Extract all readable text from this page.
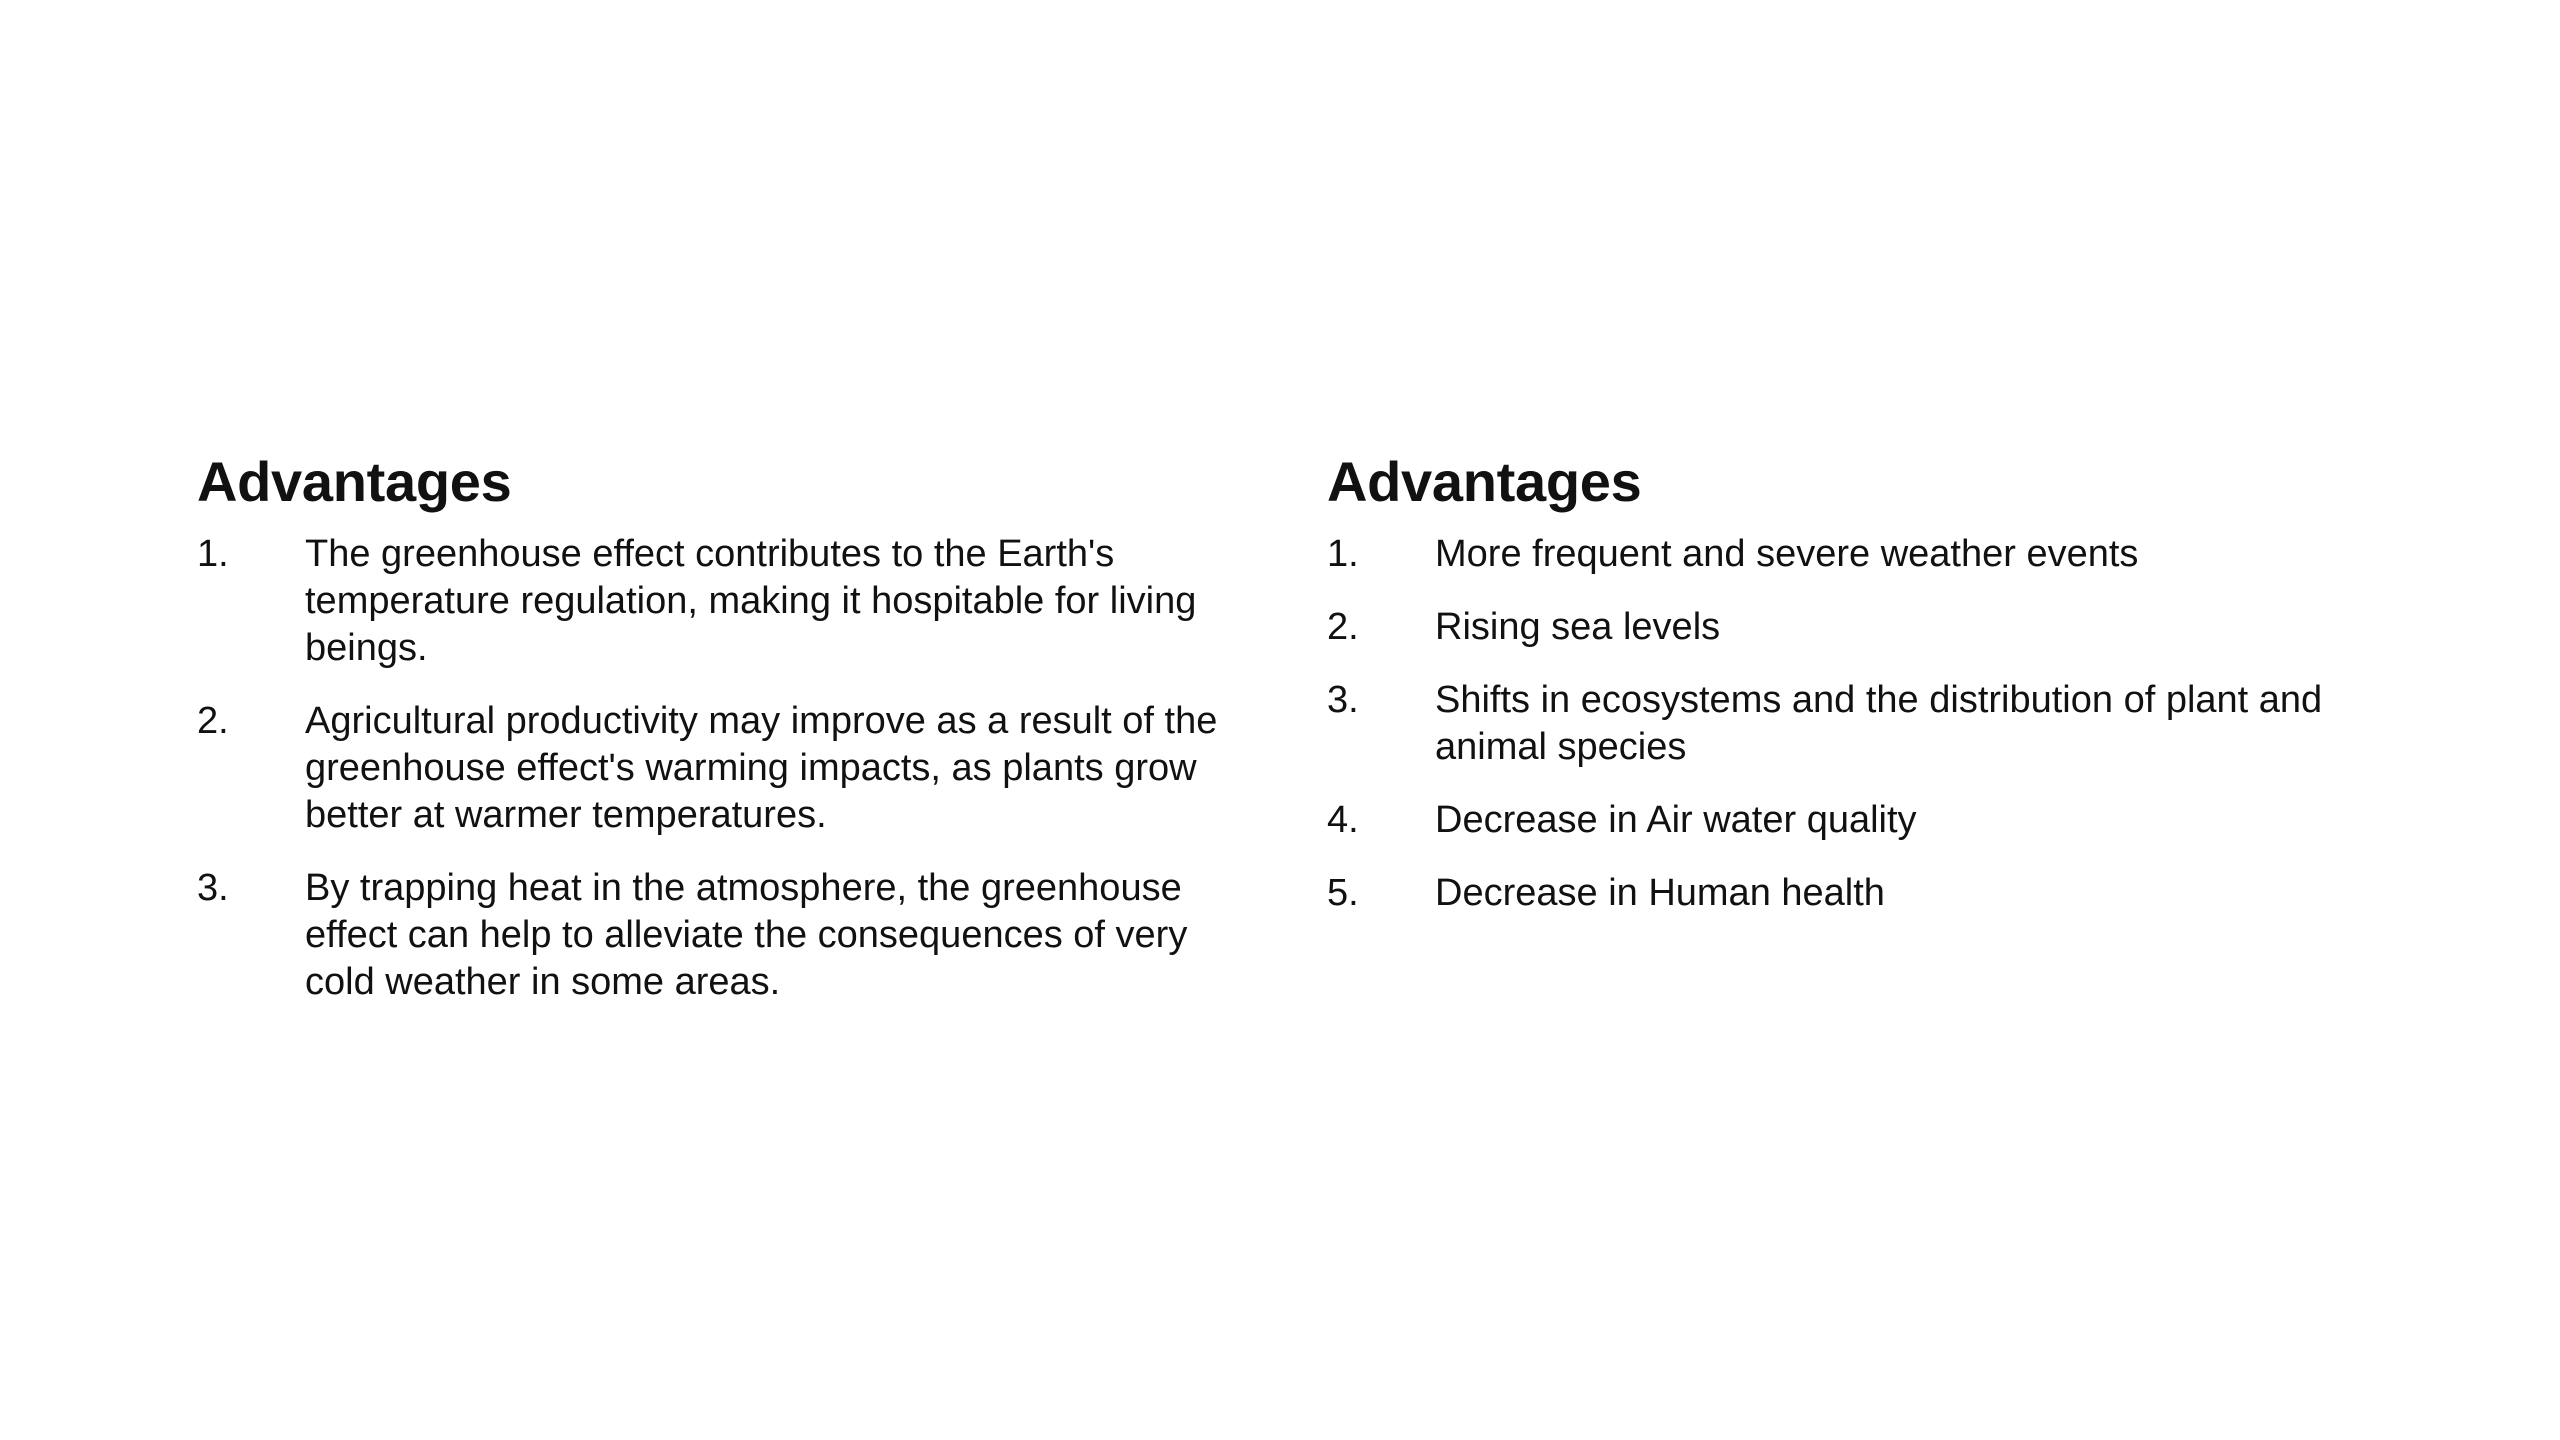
Advantages
1.	The greenhouse effect contributes to the Earth's temperature regulation, making it hospitable for living beings.
2.	Agricultural productivity may improve as a result of the greenhouse effect's warming impacts, as plants grow better at warmer temperatures.
3.	By trapping heat in the atmosphere, the greenhouse effect can help to alleviate the consequences of very cold weather in some areas.
Advantages
1.	More frequent and severe weather events
2.	Rising sea levels
3.	Shifts in ecosystems and the distribution of plant and animal species
4.	Decrease in Air water quality
5.	Decrease in Human health
